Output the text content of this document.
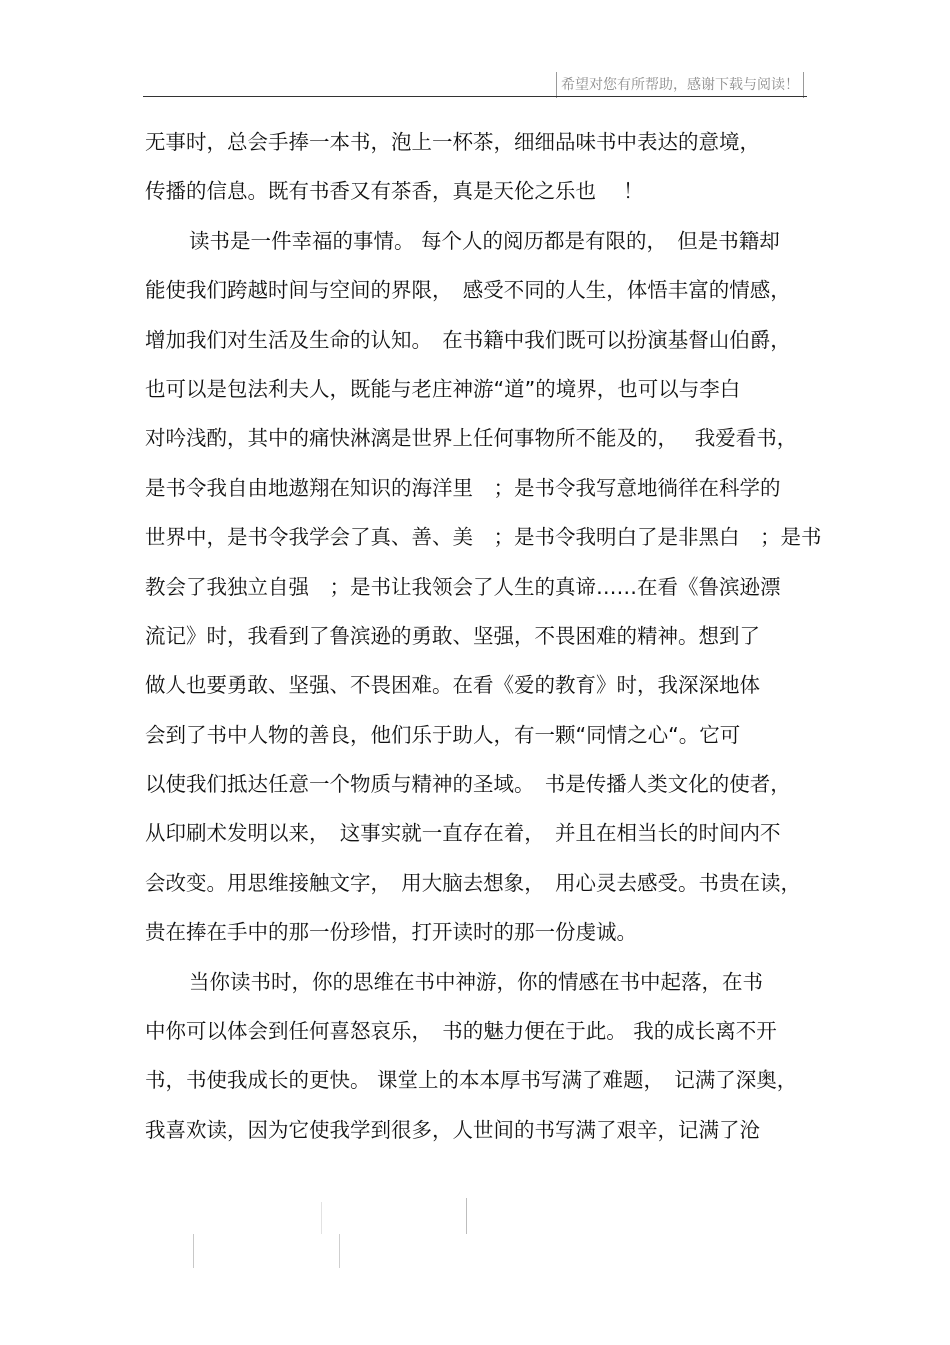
希望对您有所帮助，感谢下载与阅读！
无事时，总会手捧一本书，泡上一杯茶，细细品味书中表达的意境，
传播的信息。既有书香又有茶香，真是天伦之乐也　 ！
读书是一件幸福的事情。 每个人的阅历都是有限的，　但是书籍却
能使我们跨越时间与空间的界限，　感受不同的人生，体悟丰富的情感，
增加我们对生活及生命的认知。　在书籍中我们既可以扮演基督山伯爵，
也可以是包法利夫人，既能与老庄神游“道”的境界，也可以与李白
对吟浅酌，其中的痛快淋漓是世界上任何事物所不能及的，　 我爱看书，
是书令我自由地遨翔在知识的海洋里　；是书令我写意地徜徉在科学的
世界中，是书令我学会了真、善、美　；是书令我明白了是非黑白　；是书
教会了我独立自强　；是书让我领会了人生的真谛……在看《鲁滨逊漂
流记》时，我看到了鲁滨逊的勇敢、坚强，不畏困难的精神。想到了
做人也要勇敢、坚强、不畏困难。在看《爱的教育》时，我深深地体
会到了书中人物的善良，他们乐于助人，有一颗“同情之心“。它可
以使我们抵达任意一个物质与精神的圣域。　书是传播人类文化的使者，
从印刷术发明以来，　这事实就一直存在着，　并且在相当长的时间内不
会改变。用思维接触文字，　用大脑去想象，　用心灵去感受。书贵在读，
贵在捧在手中的那一份珍惜，打开读时的那一份虔诚。
当你读书时，你的思维在书中神游，你的情感在书中起落，在书
中你可以体会到任何喜怒哀乐，　书的魅力便在于此。 我的成长离不开
书，书使我成长的更快。 课堂上的本本厚书写满了难题，　记满了深奥，
我喜欢读，因为它使我学到很多，人世间的书写满了艰辛，记满了沧
